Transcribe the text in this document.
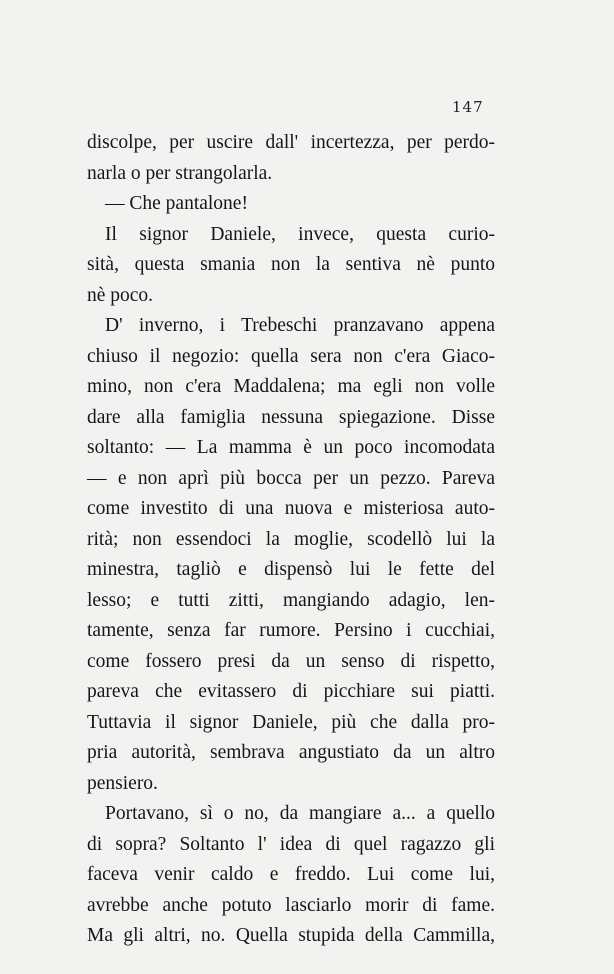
147
discolpe, per uscire dall' incertezza, per perdo-
narla o per strangolarla.
— Che pantalone!
Il signor Daniele, invece, questa curio-
sità, questa smania non la sentiva nè punto
nè poco.
D' inverno, i Trebeschi pranzavano appena
chiuso il negozio: quella sera non c'era Giaco-
mino, non c'era Maddalena; ma egli non volle
dare alla famiglia nessuna spiegazione. Disse
soltanto: — La mamma è un poco incomodata
— e non aprì più bocca per un pezzo. Pareva
come investito di una nuova e misteriosa auto-
rità; non essendoci la moglie, scodellò lui la
minestra, tagliò e dispensò lui le fette del
lesso; e tutti zitti, mangiando adagio, len-
tamente, senza far rumore. Persino i cucchiai,
come fossero presi da un senso di rispetto,
pareva che evitassero di picchiare sui piatti.
Tuttavia il signor Daniele, più che dalla pro-
pria autorità, sembrava angustiato da un altro
pensiero.
Portavano, sì o no, da mangiare a... a quello
di sopra? Soltanto l' idea di quel ragazzo gli
faceva venir caldo e freddo. Lui come lui,
avrebbe anche potuto lasciarlo morir di fame.
Ma gli altri, no. Quella stupida della Cammilla,
